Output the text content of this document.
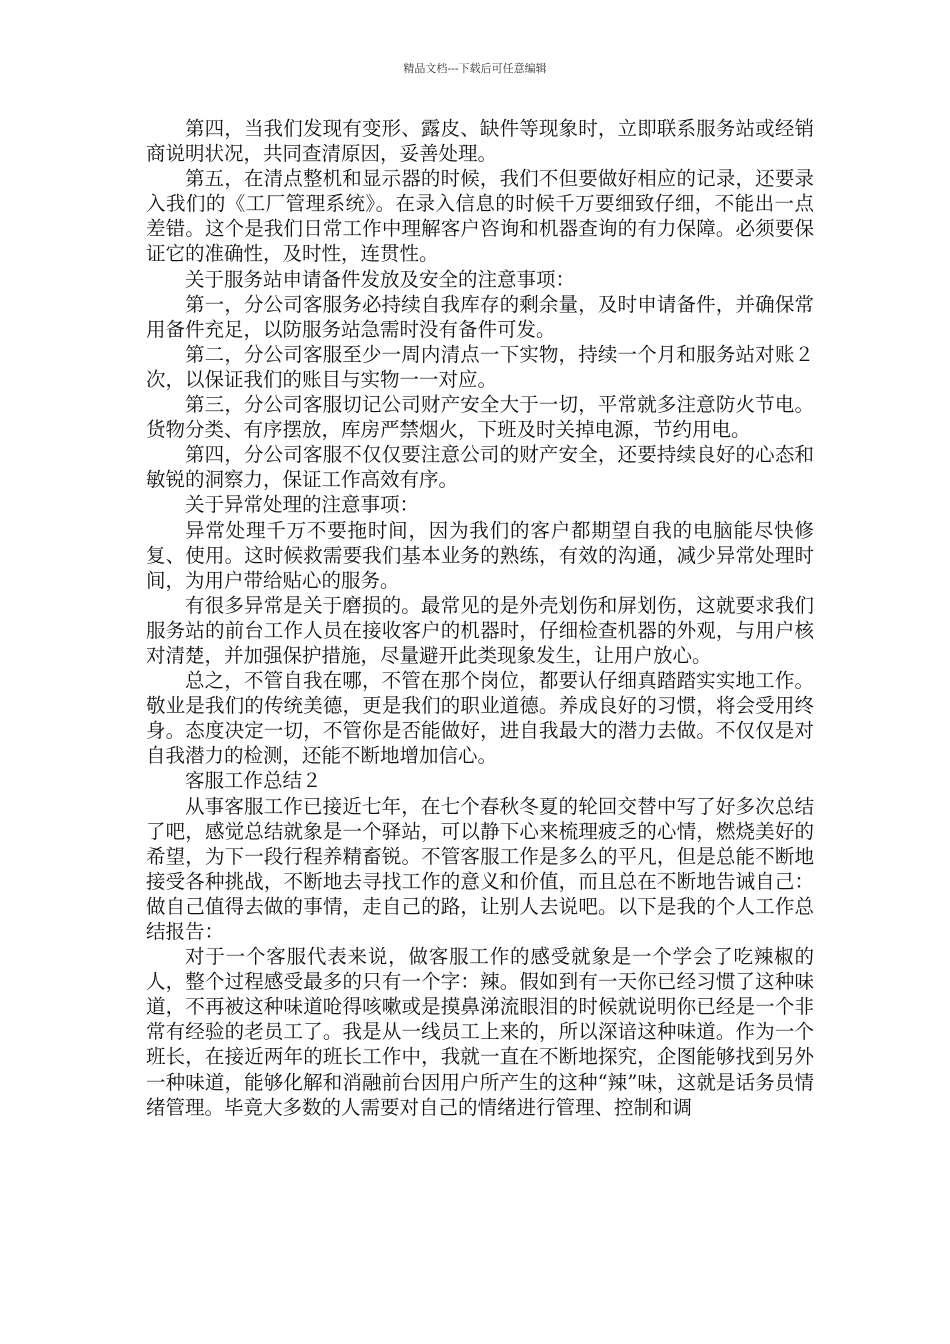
精品文档---下载后可任意编辑

第四，当我们发现有变形、露皮、缺件等现象时，立即联系服务站或经销商说明状况，共同查清原因，妥善处理。

第五，在清点整机和显示器的时候，我们不但要做好相应的记录，还要录入我们的《工厂管理系统》。在录入信息的时候千万要细致仔细，不能出一点差错。这个是我们日常工作中理解客户咨询和机器查询的有力保障。必须要保证它的准确性，及时性，连贯性。

关于服务站申请备件发放及安全的注意事项：

第一，分公司客服务必持续自我库存的剩余量，及时申请备件，并确保常用备件充足，以防服务站急需时没有备件可发。

第二，分公司客服至少一周内清点一下实物，持续一个月和服务站对账２次，以保证我们的账目与实物一一对应。

第三，分公司客服切记公司财产安全大于一切，平常就多注意防火节电。货物分类、有序摆放，库房严禁烟火，下班及时关掉电源，节约用电。

第四，分公司客服不仅仅要注意公司的财产安全，还要持续良好的心态和敏锐的洞察力，保证工作高效有序。

关于异常处理的注意事项：

异常处理千万不要拖时间，因为我们的客户都期望自我的电脑能尽快修复、使用。这时候救需要我们基本业务的熟练，有效的沟通，减少异常处理时间，为用户带给贴心的服务。

有很多异常是关于磨损的。最常见的是外壳划伤和屏划伤，这就要求我们服务站的前台工作人员在接收客户的机器时，仔细检查机器的外观，与用户核对清楚，并加强保护措施，尽量避开此类现象发生，让用户放心。

总之，不管自我在哪，不管在那个岗位，都要认仔细真踏踏实实地工作。敬业是我们的传统美德，更是我们的职业道德。养成良好的习惯，将会受用终身。态度决定一切，不管你是否能做好，进自我最大的潜力去做。不仅仅是对自我潜力的检测，还能不断地增加信心。

客服工作总结２

从事客服工作已接近七年，在七个春秋冬夏的轮回交替中写了好多次总结了吧，感觉总结就象是一个驿站，可以静下心来梳理疲乏的心情，燃烧美好的希望，为下一段行程养精畜锐。不管客服工作是多么的平凡，但是总能不断地接受各种挑战，不断地去寻找工作的意义和价值，而且总在不断地告诫自己：做自己值得去做的事情，走自己的路，让别人去说吧。以下是我的个人工作总结报告：

对于一个客服代表来说，做客服工作的感受就象是一个学会了吃辣椒的人，整个过程感受最多的只有一个字：辣。假如到有一天你已经习惯了这种味道，不再被这种味道呛得咳嗽或是摸鼻涕流眼泪的时候就说明你已经是一个非常有经验的老员工了。我是从一线员工上来的，所以深谙这种味道。作为一个班长，在接近两年的班长工作中，我就一直在不断地探究，企图能够找到另外一种味道，能够化解和消融前台因用户所产生的这种“辣”味，这就是话务员情绪管理。毕竟大多数的人需要对自己的情绪进行管理、控制和调
